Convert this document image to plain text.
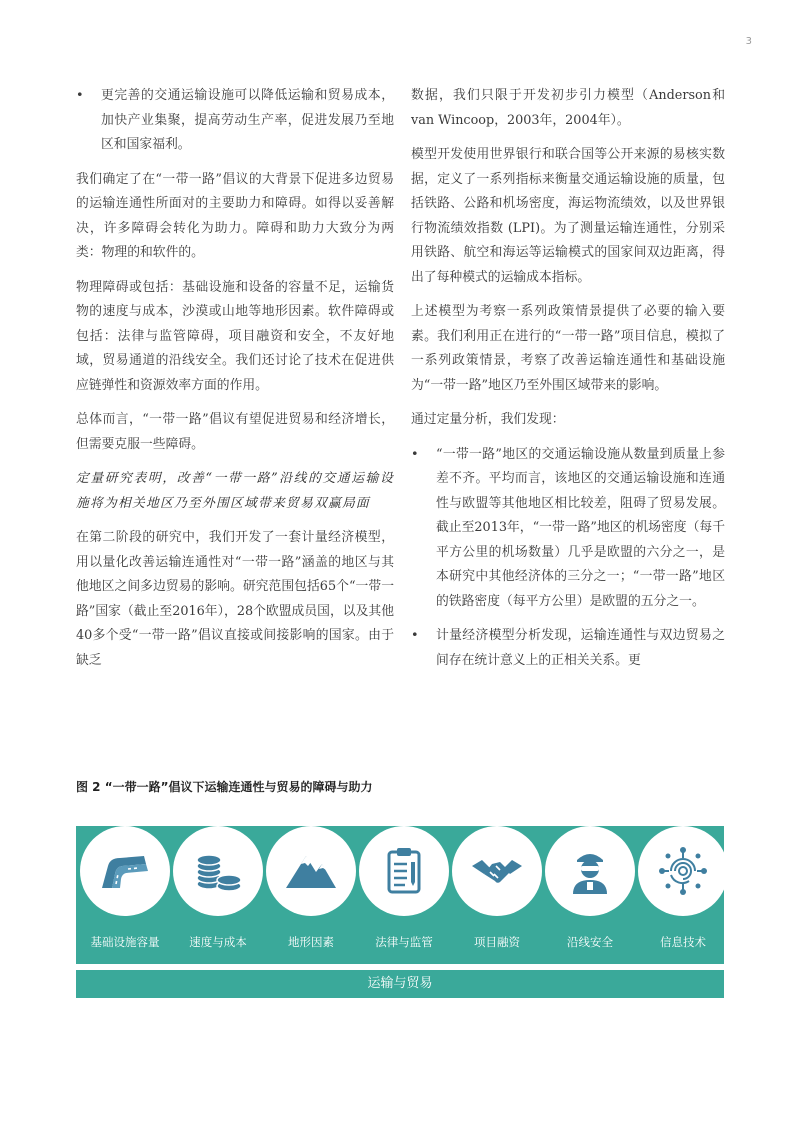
3
• 更完善的交通运输设施可以降低运输和贸易成本，加快产业集聚，提高劳动生产率，促进发展乃至地区和国家福利。

我们确定了在“一带一路”倡议的大背景下促进多边贸易的运输连通性所面对的主要助力和障碍。如得以妥善解决，许多障碍会转化为助力。障碍和助力大致分为两类：物理的和软件的。

物理障碍或包括：基础设施和设备的容量不足，运输货物的速度与成本，沙漠或山地等地形因素。软件障碍或包括：法律与监管障碍，项目融资和安全，不友好地域，贸易通道的沿线安全。我们还讨论了技术在促进供应链弹性和资源效率方面的作用。

总体而言，“一带一路”倡议有望促进贸易和经济增长，但需要克服一些障碍。

定量研究表明，改善“一带一路”沿线的交通运输设施将为相关地区乃至外围区域带来贸易双赢局面

在第二阶段的研究中，我们开发了一套计量经济模型，用以量化改善运输连通性对“一带一路”涵盖的地区与其他地区之间多边贸易的影响。研究范围包括65个“一带一路”国家（截止至2016年），28个欧盟成员国，以及其他40多个受“一带一路”倡议直接或间接影响的国家。由于缺乏

数据，我们只限于开发初步引力模型（Anderson和van Wincoop，2003年，2004年）。

模型开发使用世界银行和联合国等公开来源的易核实数据，定义了一系列指标来衡量交通运输设施的质量，包括铁路、公路和机场密度，海运物流绩效，以及世界银行物流绩效指数 (LPI)。为了测量运输连通性，分别采用铁路、航空和海运等运输模式的国家间双边距离，得出了每种模式的运输成本指标。

上述模型为考察一系列政策情景提供了必要的输入要素。我们利用正在进行的“一带一路”项目信息，模拟了一系列政策情景，考察了改善运输连通性和基础设施为“一带一路”地区乃至外围区域带来的影响。

通过定量分析，我们发现：

• “一带一路”地区的交通运输设施从数量到质量上参差不齐。平均而言，该地区的交通运输设施和连通性与欧盟等其他地区相比较差，阻碍了贸易发展。截止至2013年，“一带一路”地区的机场密度（每千平方公里的机场数量）几乎是欧盟的六分之一，是本研究中其他经济体的三分之一；“一带一路”地区的铁路密度（每平方公里）是欧盟的五分之一。
• 计量经济模型分析发现，运输连通性与双边贸易之间存在统计意义上的正相关关系。更
图 2 “一带一路”倡议下运输连通性与贸易的障碍与助力
基础设施容量	速度与成本	地形因素	法律与监管	项目融资	沿线安全	信息技术
运输与贸易
